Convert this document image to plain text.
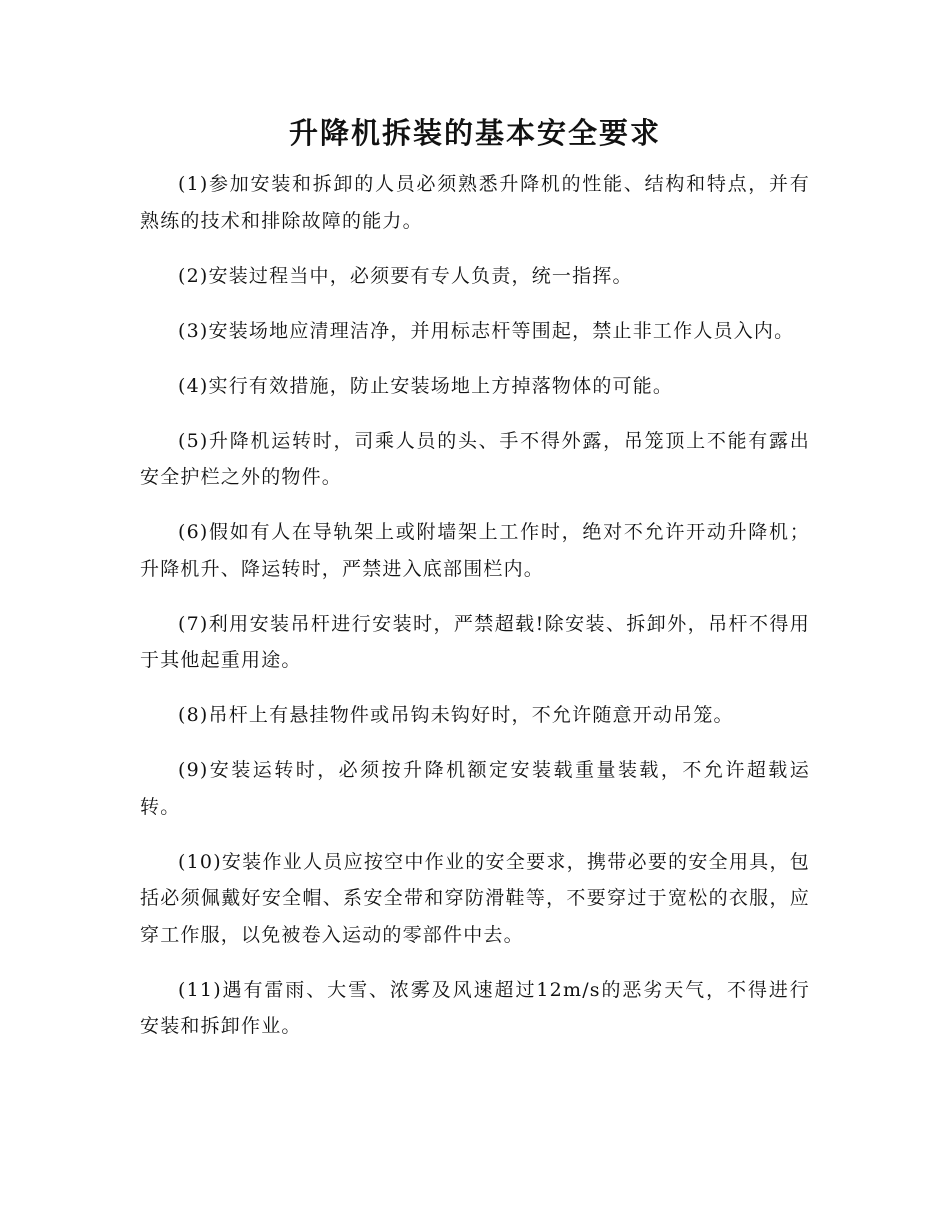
升降机拆装的基本安全要求

(1)参加安装和拆卸的人员必须熟悉升降机的性能、结构和特点，并有熟练的技术和排除故障的能力。

(2)安装过程当中，必须要有专人负责，统一指挥。

(3)安装场地应清理洁净，并用标志杆等围起，禁止非工作人员入内。

(4)实行有效措施，防止安装场地上方掉落物体的可能。

(5)升降机运转时，司乘人员的头、手不得外露，吊笼顶上不能有露出安全护栏之外的物件。

(6)假如有人在导轨架上或附墙架上工作时，绝对不允许开动升降机；升降机升、降运转时，严禁进入底部围栏内。

(7)利用安装吊杆进行安装时，严禁超载!除安装、拆卸外，吊杆不得用于其他起重用途。

(8)吊杆上有悬挂物件或吊钩未钩好时，不允许随意开动吊笼。

(9)安装运转时，必须按升降机额定安装载重量装载，不允许超载运转。

(10)安装作业人员应按空中作业的安全要求，携带必要的安全用具，包括必须佩戴好安全帽、系安全带和穿防滑鞋等，不要穿过于宽松的衣服，应穿工作服，以免被卷入运动的零部件中去。

(11)遇有雷雨、大雪、浓雾及风速超过12m/s的恶劣天气，不得进行安装和拆卸作业。
